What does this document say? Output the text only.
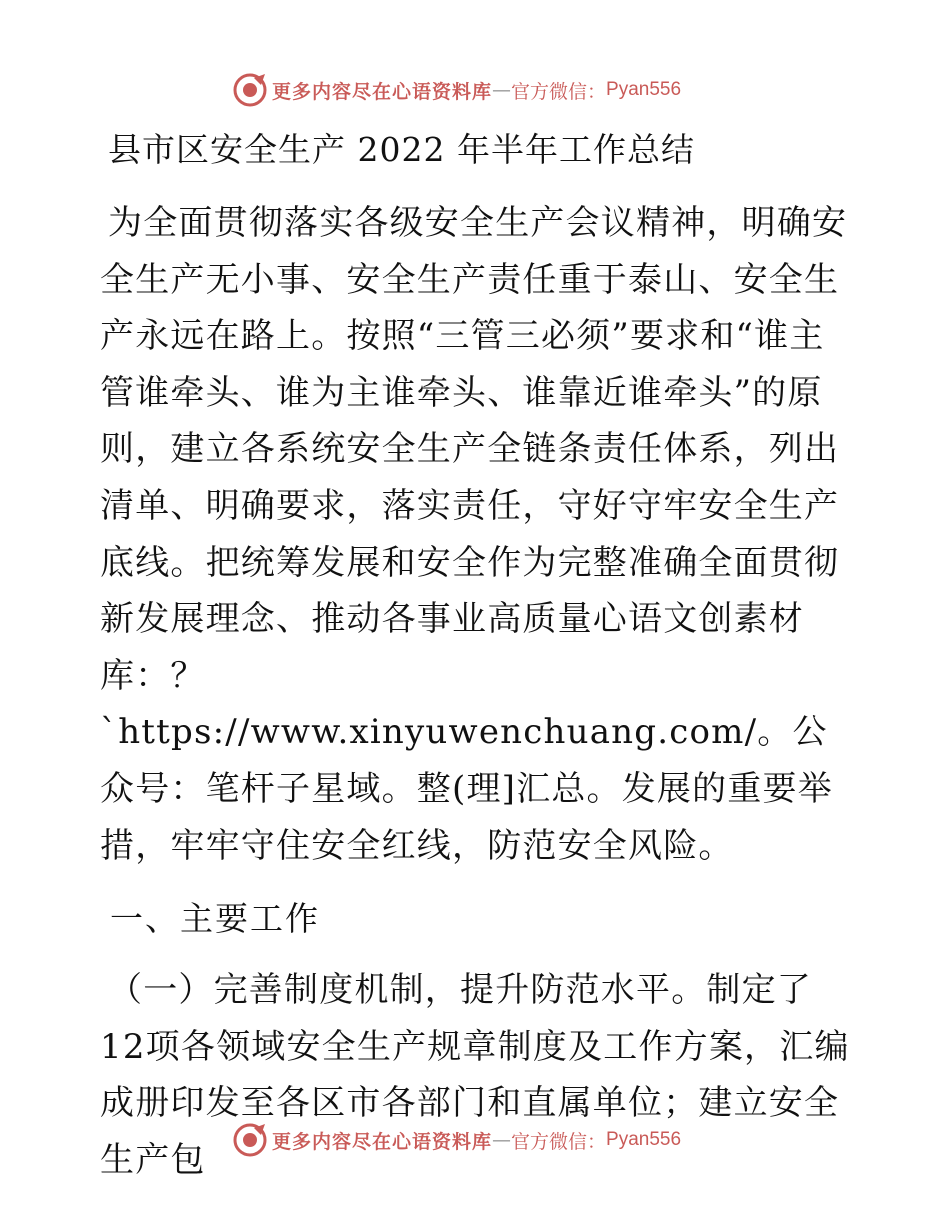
更多内容尽在心语资料库 — 官方微信： Pyan556
县市区安全生产 2022 年半年工作总结

为全面贯彻落实各级安全生产会议精神，明确安全生产无小事、安全生产责任重于泰山、安全生产永远在路上。按照“三管三必须”要求和“谁主管谁牵头、谁为主谁牵头、谁靠近谁牵头”的原则，建立各系统安全生产全链条责任体系，列出清单、明确要求，落实责任，守好守牢安全生产底线。把统筹发展和安全作为完整准确全面贯彻新发展理念、推动各事业高质量心语文创素材库：？`https://www.xinyuwenchuang.com/。公众号：笔杆子星域。整(理]汇总。发展的重要举措，牢牢守住安全红线，防范安全风险。

一、主要工作

（一）完善制度机制，提升防范水平。制定了12项各领域安全生产规章制度及工作方案，汇编成册印发至各区市各部门和直属单位；建立安全生产包	更多内容尽在心语资料库 — 官方微信： Pyan556
